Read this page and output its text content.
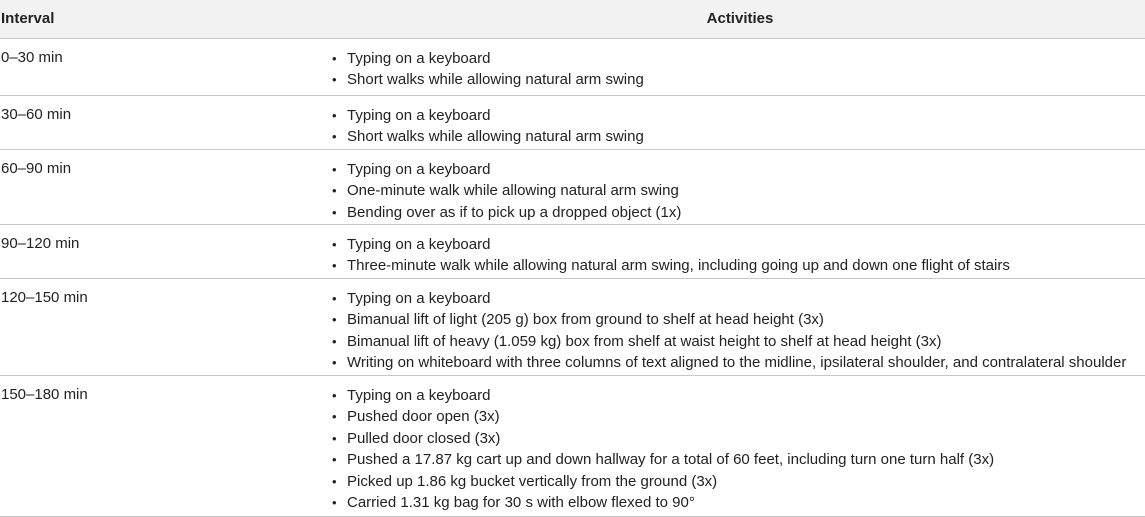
Interval	Activities
0–30 min	• Typing on a keyboard
• Short walks while allowing natural arm swing
30–60 min	• Typing on a keyboard
• Short walks while allowing natural arm swing
60–90 min	• Typing on a keyboard
• One-minute walk while allowing natural arm swing
• Bending over as if to pick up a dropped object (1x)
90–120 min	• Typing on a keyboard
• Three-minute walk while allowing natural arm swing, including going up and down one flight of stairs
120–150 min	• Typing on a keyboard
• Bimanual lift of light (205 g) box from ground to shelf at head height (3x)
• Bimanual lift of heavy (1.059 kg) box from shelf at waist height to shelf at head height (3x)
• Writing on whiteboard with three columns of text aligned to the midline, ipsilateral shoulder, and contralateral shoulder
150–180 min	• Typing on a keyboard
• Pushed door open (3x)
• Pulled door closed (3x)
• Pushed a 17.87 kg cart up and down hallway for a total of 60 feet, including turn one turn half (3x)
• Picked up 1.86 kg bucket vertically from the ground (3x)
• Carried 1.31 kg bag for 30 s with elbow flexed to 90°
